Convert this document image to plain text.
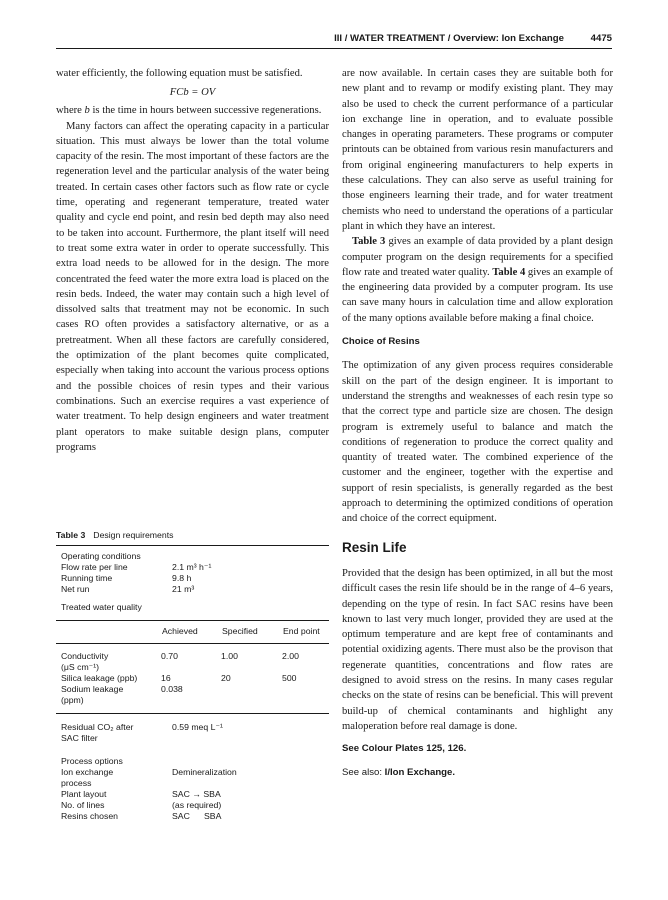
III / WATER TREATMENT / Overview: Ion Exchange	4475

water efficiently, the following equation must be satisfied.

FCb = OV

where b is the time in hours between successive regenerations.

Many factors can affect the operating capacity in a particular situation. This must always be lower than the total volume capacity of the resin. The most important of these factors are the regeneration level and the particular analysis of the water being treated. In certain cases other factors such as flow rate or cycle time, operating and regenerant temperature, treated water quality and cycle end point, and resin bed depth may also need to be taken into account. Furthermore, the plant itself will need to treat some extra water in order to operate successfully. This extra load needs to be allowed for in the design. The more concentrated the feed water the more extra load is placed on the resin beds. Indeed, the water may contain such a high level of dissolved salts that treatment may not be economic. In such cases RO often provides a satisfactory alternative, or as a pretreatment. When all these factors are carefully considered, the optimization of the plant becomes quite complicated, especially when taking into account the various process options and the possible choices of resin types and their various combinations. Such an exercise requires a vast experience of water treatment. To help design engineers and water treatment plant operators to make suitable design plans, computer programs

are now available. In certain cases they are suitable both for new plant and to revamp or modify existing plant. They may also be used to check the current performance of a particular ion exchange line in operation, and to evaluate possible changes in operating parameters. These programs or computer printouts can be obtained from various resin manufacturers and from original engineering manufacturers to help experts in these calculations. They can also serve as useful training for those engineers learning their trade, and for water treatment chemists who need to understand the operations of a particular plant in which they have an interest.

Table 3 gives an example of data provided by a plant design computer program on the design requirements for a specified flow rate and treated water quality. Table 4 gives an example of the engineering data provided by a computer program. Its use can save many hours in calculation time and allow exploration of the many options available before making a final choice.

Choice of Resins

The optimization of any given process requires considerable skill on the part of the design engineer. It is important to understand the strengths and weaknesses of each resin type so that the correct type and particle size are chosen. The design program is extremely useful to balance and match the conditions of regeneration to produce the correct quality and quantity of treated water. The combined experience of the customer and the engineer, together with the expertise and support of resin specialists, is generally regarded as the best approach to determining the optimized conditions of operation and choice of the correct equipment.

Resin Life

Provided that the design has been optimized, in all but the most difficult cases the resin life should be in the range of 4–6 years, depending on the type of resin. In fact SAC resins have been known to last very much longer, provided they are used at the optimum temperature and are kept free of contaminants and potential oxidizing agents. There must also be the provison that regenerate quantities, concentrations and flow rates are designed to avoid stress on the resins. In many cases regular checks on the state of resins can be beneficial. This will prevent build-up of chemical contaminants and highlight any maloperation before real damage is done.

See Colour Plates 125, 126.

See also: I/Ion Exchange.

Table 3 Design requirements
Operating conditions
Flow rate per line	2.1 m³ h⁻¹
Running time	9.8 h
Net run	21 m³
Treated water quality
Achieved	Specified	End point
Conductivity	0.70	1.00	2.00
(μS cm⁻¹)
Silica leakage (ppb)	16	20	500
Sodium leakage	0.038
(ppm)
Residual CO₂ after	0.59 meq L⁻¹
SAC filter
Process options
Ion exchange	Demineralization
process
Plant layout	SAC → SBA
No. of lines	(as required)
Resins chosen	SAC SBA
